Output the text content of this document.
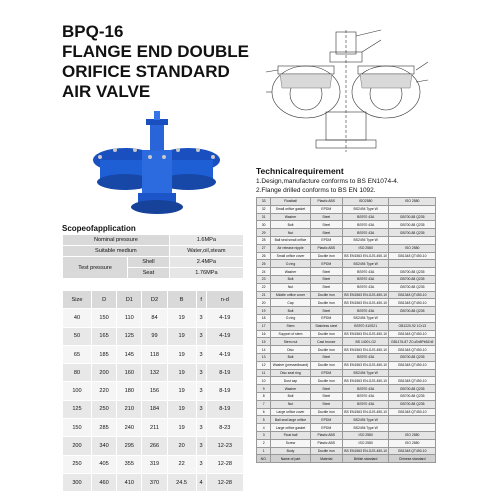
BPQ-16
FLANGE END DOUBLE
ORIFICE STANDARD
AIR VALVE
Scopeofapplication
Nominal pressure		1.6MPa
Suitable medium		Water,oil,steam
Test pressure	Shell	2.4MPa
	Seat	1.76MPa
Size	D	D1	D2	B	f	n-d
40	150	110	84	19	3	4-19
50	165	125	99	19	3	4-19
65	185	145	118	19	3	4-19
80	200	160	132	19	3	8-19
100	220	180	156	19	3	8-19
125	250	210	184	19	3	8-19
150	285	240	211	19	3	8-23
200	340	295	266	20	3	12-23
250	405	355	319	22	3	12-28
300	460	410	370	24.5	4	12-28
Technicalrequirement
1.Design,manufacture conforms to BS EN1074-4.
2.Flange drilled conforms to BS EN 1092.
33	Floatball	Plastic ABS	ISO2580	ISO 2580
32	Small orifice gasket	EPDM	BS2494 Type W	
31	Washer	Steel	BS970 43A	GB700-88 Q235
30	Bolt	Steel	BS970 43A	GB700-88 Q235
29	Nut	Steel	BS970 43A	GB700-88 Q235
28	Ball seal small orifice	EPDM	BS2494 Type W	
27	Air release nipple	Plastic ABS	ISO 2580	ISO 2580
26	Small orifice cover	Ductile iron	BS EN1563 EN-GJS-450-10	GB1348 QT450-10
25	O-ring	EPDM	BS2494 Type W	
24	Washer	Steel	BS970 43A	GB700-88 Q235
23	Bolt	Steel	BS970 43A	GB700-88 Q235
22	Nut	Steel	BS970 43A	GB700-88 Q235
21	Middle orifice cover	Ductile iron	BS EN1563 EN-GJS-450-10	GB1348 QT450-10
20	Cap	Ductile iron	BS EN1563 EN-GJS-450-10	GB1348 QT450-10
19	Bolt	Steel	BS970 43A	GB700-88 Q235
18	O-ring	EPDM	BS2494 Type W	
17	Stem	Stainless steel	BS970 410S21	GB1220-92 1Cr13
16	Support of stem	Ductile iron	BS EN1563 EN-GJS-450-10	GB1348 QT450-10
15	Stem nut	Cast bronze	BS 1400 LG2	GB1176-87 ZCuSn5Pb5Zn5
14	Disc	Ductile iron	BS EN1563 EN-GJS-450-10	GB1348 QT450-10
13	Bolt	Steel	BS970 43A	GB700-88 Q235
12	Washer (pressedboard)	Ductile iron	BS EN1563 EN-GJS-450-10	GB1348 QT450-10
11	Disc seat ring	EPDM	BS2494 Type W	
10	Dust cap	Ductile iron	BS EN1563 EN-GJS-450-10	GB1348 QT450-10
9	Washer	Steel	BS970 43A	GB700-88 Q235
8	Bolt	Steel	BS970 43A	GB700-88 Q235
7	Nut	Steel	BS970 43A	GB700-88 Q235
6	Large orifice cover	Ductile iron	BS EN1563 EN-GJS-450-10	GB1348 QT450-10
5	Ball seal large orifice	EPDM	BS2494 Type W	
4	Large orifice gasket	EPDM	BS2494 Type W	
3	Float ball	Plastic ABS	ISO 2580	ISO 2580
2	Screw	Plastic ABS	ISO 2580	ISO 2580
1	Body	Ductile iron	BS EN1563 EN-GJS-450-10	GB1348 QT450-10
NO.	Name of part	Material	British standard	Chinese standard
